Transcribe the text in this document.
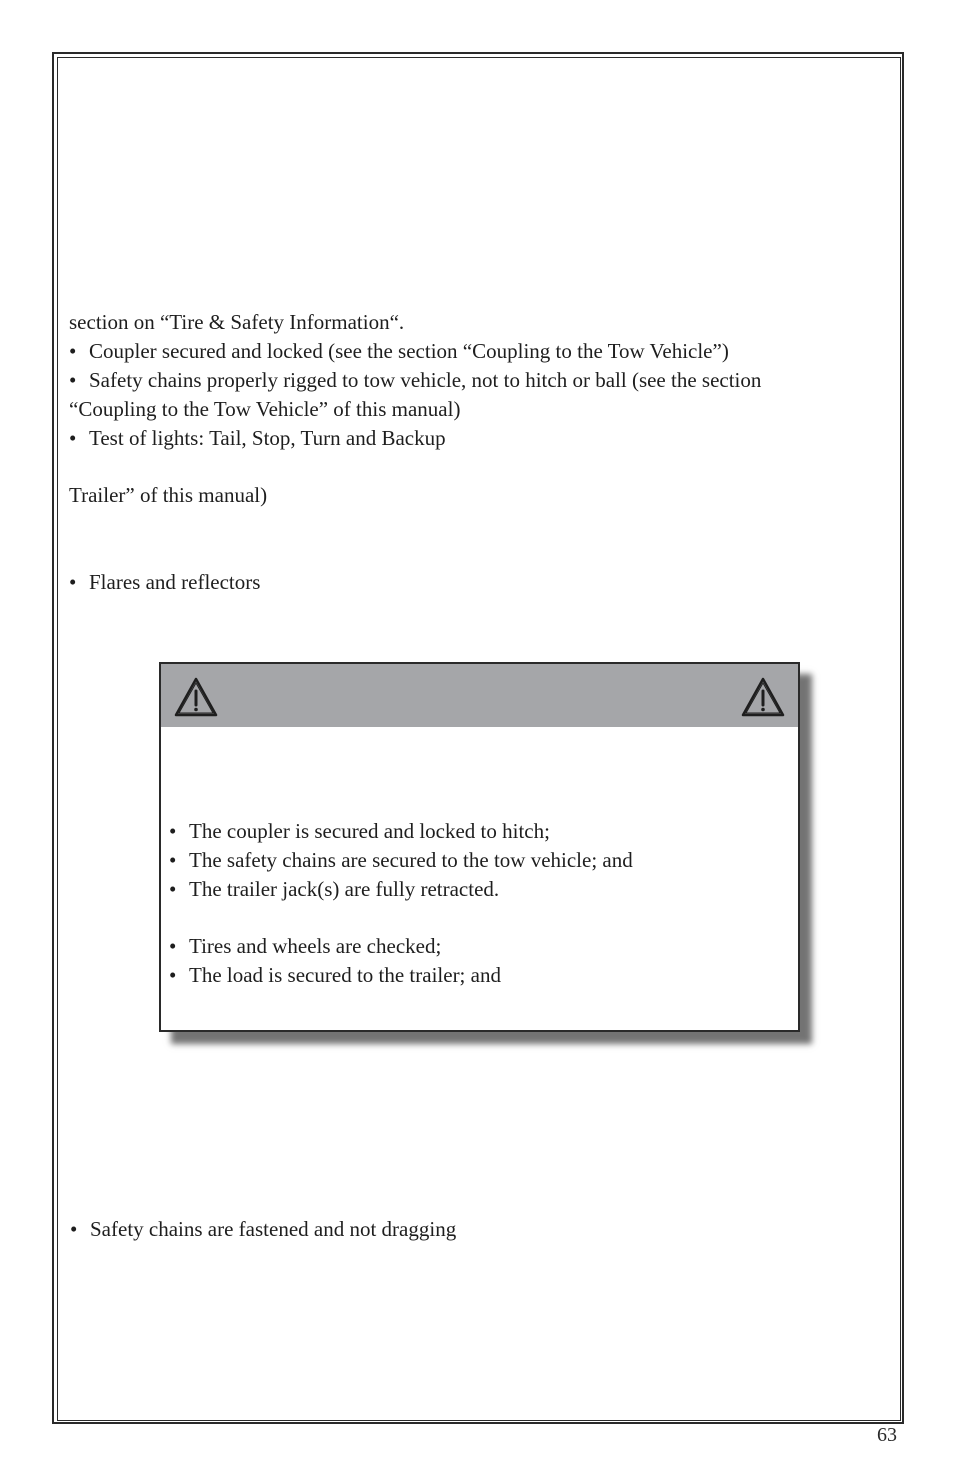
section on “Tire & Safety Information“.
• Coupler secured and locked (see the section “Coupling to the Tow Vehicle”)
• Safety chains properly rigged to tow vehicle, not to hitch or ball (see the section
“Coupling to the Tow Vehicle” of this manual)
• Test of lights: Tail, Stop, Turn and Backup
Trailer” of this manual)
• Flares and reflectors
• The coupler is secured and locked to hitch;
• The safety chains are secured to the tow vehicle; and
• The trailer jack(s) are fully retracted.
• Tires and wheels are checked;
• The load is secured to the trailer; and
• Safety chains are fastened and not dragging
63
